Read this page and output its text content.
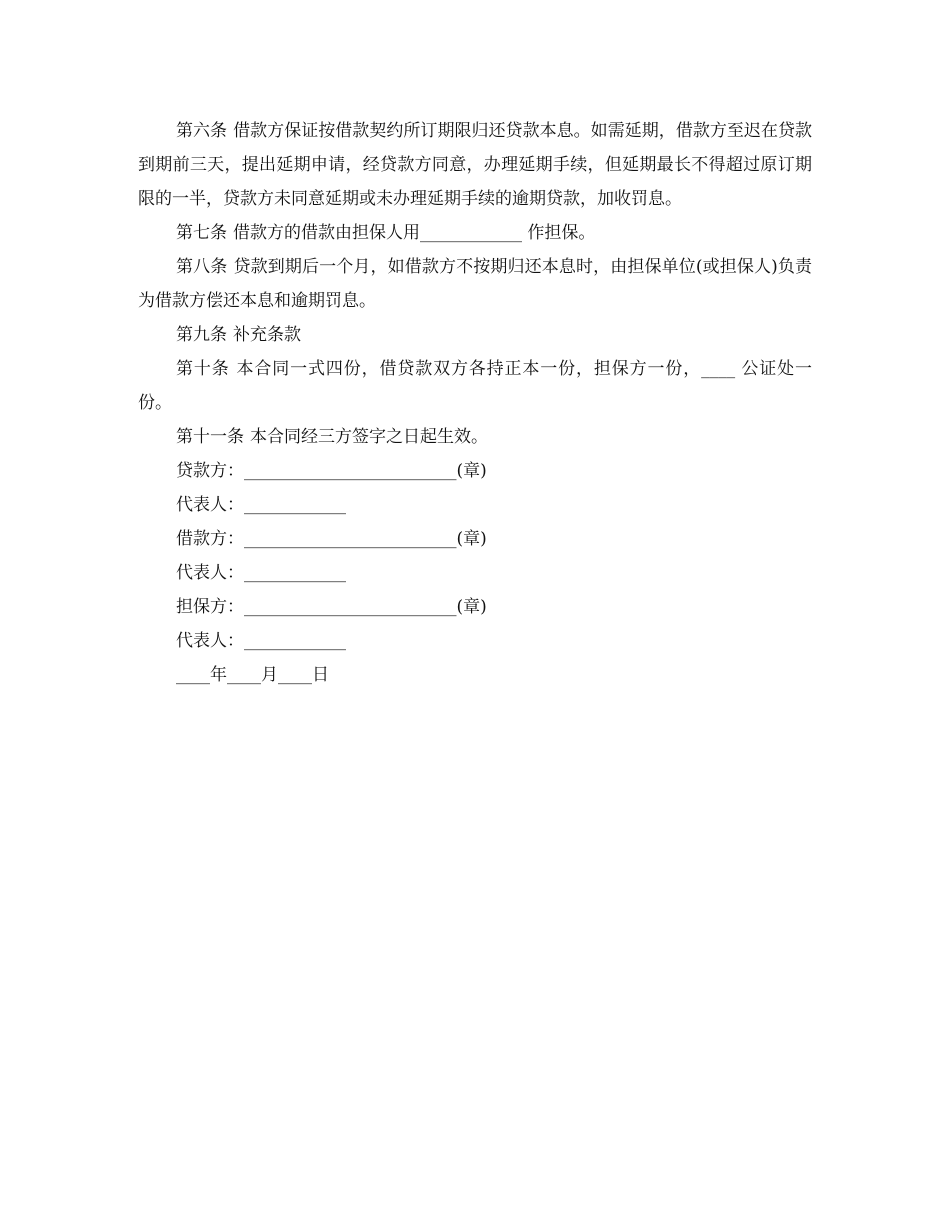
第六条 借款方保证按借款契约所订期限归还贷款本息。如需延期，借款方至迟在贷款到期前三天，提出延期申请，经贷款方同意，办理延期手续，但延期最长不得超过原订期限的一半，贷款方未同意延期或未办理延期手续的逾期贷款，加收罚息。

第七条 借款方的借款由担保人用____________ 作担保。

第八条 贷款到期后一个月，如借款方不按期归还本息时，由担保单位(或担保人)负责为借款方偿还本息和逾期罚息。

第九条 补充条款

第十条 本合同一式四份，借贷款双方各持正本一份，担保方一份，____ 公证处一份。

第十一条 本合同经三方签字之日起生效。

贷款方：_________________________(章)

代表人：____________

借款方：_________________________(章)

代表人：____________

担保方：_________________________(章)

代表人：____________

____年____月____日
